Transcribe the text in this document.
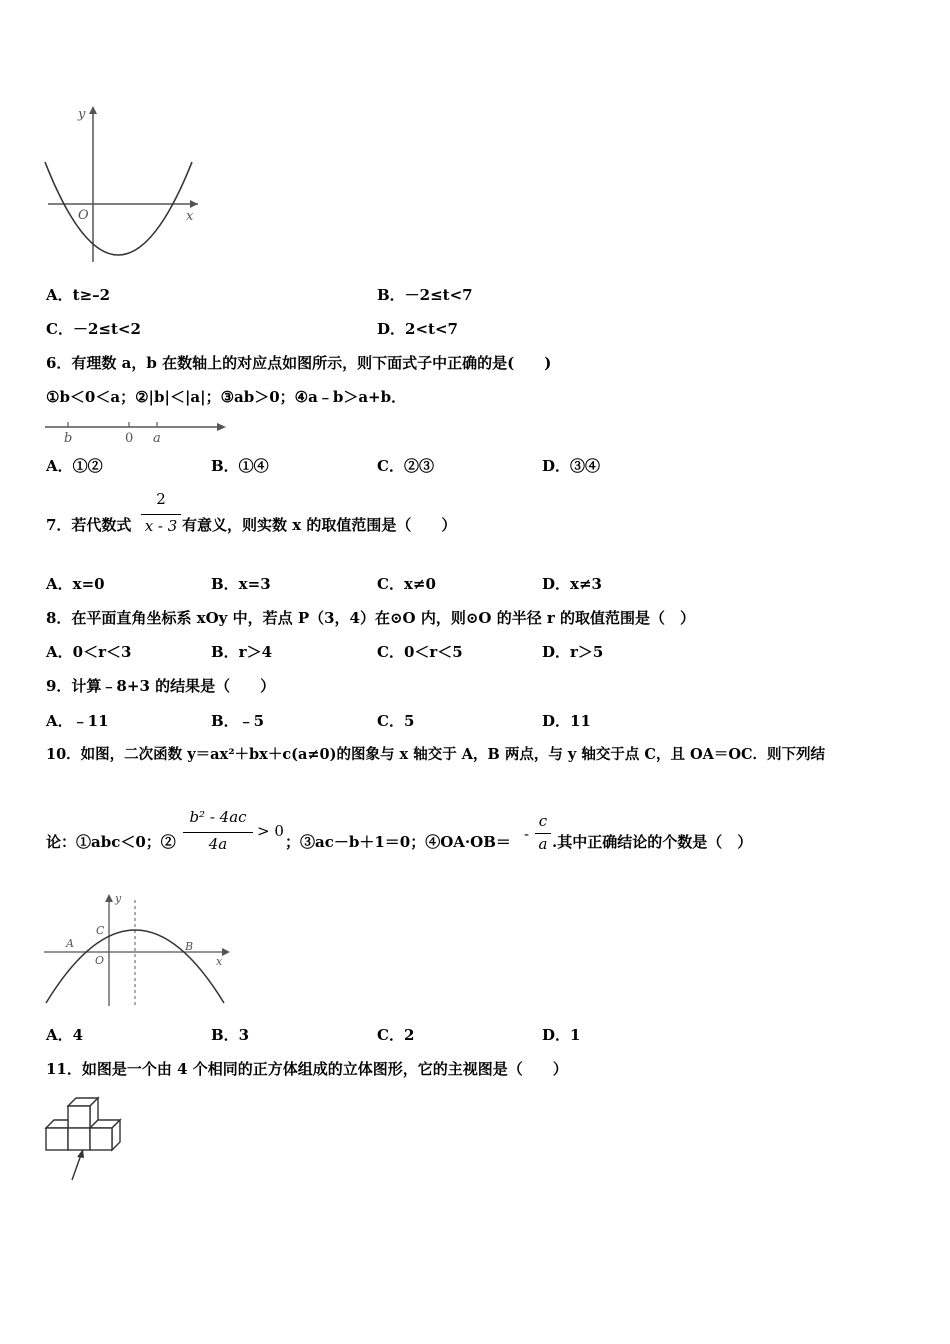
y
x
O
A．t≥–2	B．－2≤t<7
C．－2≤t<2	D．2<t<7
6．有理数 a，b 在数轴上的对应点如图所示，则下面式子中正确的是(　　)
①b＜0＜a；②|b|＜|a|；③ab＞0；④a﹣b＞a+b．
b	0 a
A．①②	B．①④	C．②③	D．③④
7．若代数式
2
x - 3 有意义，则实数 x 的取值范围是（　　）
A．x=0	B．x=3	C．x≠0	D．x≠3
8．在平面直角坐标系 xOy 中，若点 P（3，4）在⊙O 内，则⊙O 的半径 r 的取值范围是（　）
A．0＜r＜3	B．r＞4	C．0＜r＜5	D．r＞5
9．计算﹣8+3 的结果是（　　）
A．﹣11	B．﹣5	C．5	D．11
10．如图，二次函数 y＝ax²＋bx＋c(a≠0)的图象与 x 轴交于 A，B 两点，与 y 轴交于点 C，且 OA＝OC．则下列结
论：①abc＜0；②
b² - 4ac
4a
> 0
；③ac－b＋1＝0；④OA·OB＝ -
c
a .其中正确结论的个数是（　）
y
x
O
A	B
C
A．4	B．3	C．2	D．1
11．如图是一个由 4 个相同的正方体组成的立体图形，它的主视图是（　　）
